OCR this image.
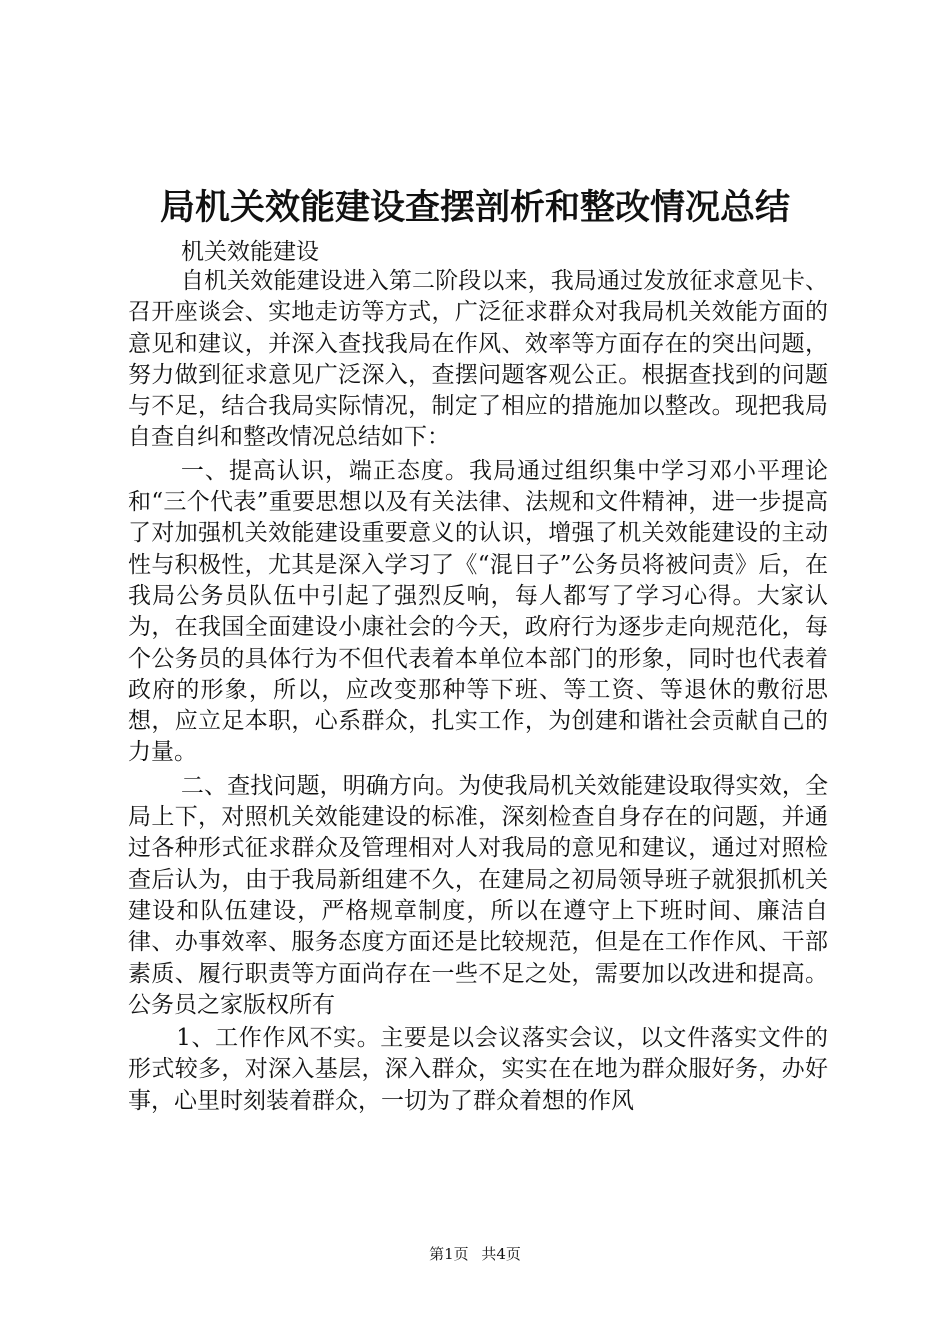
局机关效能建设查摆剖析和整改情况总结

机关效能建设

自机关效能建设进入第二阶段以来，我局通过发放征求意见卡、召开座谈会、实地走访等方式，广泛征求群众对我局机关效能方面的意见和建议，并深入查找我局在作风、效率等方面存在的突出问题，努力做到征求意见广泛深入，查摆问题客观公正。根据查找到的问题与不足，结合我局实际情况，制定了相应的措施加以整改。现把我局自查自纠和整改情况总结如下：

一、提高认识，端正态度。我局通过组织集中学习邓小平理论和“三个代表”重要思想以及有关法律、法规和文件精神，进一步提高了对加强机关效能建设重要意义的认识，增强了机关效能建设的主动性与积极性，尤其是深入学习了《“混日子”公务员将被问责》后，在我局公务员队伍中引起了强烈反响，每人都写了学习心得。大家认为，在我国全面建设小康社会的今天，政府行为逐步走向规范化，每个公务员的具体行为不但代表着本单位本部门的形象，同时也代表着政府的形象，所以，应改变那种等下班、等工资、等退休的敷衍思想，应立足本职，心系群众，扎实工作，为创建和谐社会贡献自己的力量。

二、查找问题，明确方向。为使我局机关效能建设取得实效，全局上下，对照机关效能建设的标准，深刻检查自身存在的问题，并通过各种形式征求群众及管理相对人对我局的意见和建议，通过对照检查后认为，由于我局新组建不久，在建局之初局领导班子就狠抓机关建设和队伍建设，严格规章制度，所以在遵守上下班时间、廉洁自律、办事效率、服务态度方面还是比较规范，但是在工作作风、干部素质、履行职责等方面尚存在一些不足之处，需要加以改进和提高。公务员之家版权所有

1、工作作风不实。主要是以会议落实会议，以文件落实文件的形式较多，对深入基层，深入群众，实实在在地为群众服好务，办好事，心里时刻装着群众，一切为了群众着想的作风

第1页 共4页
